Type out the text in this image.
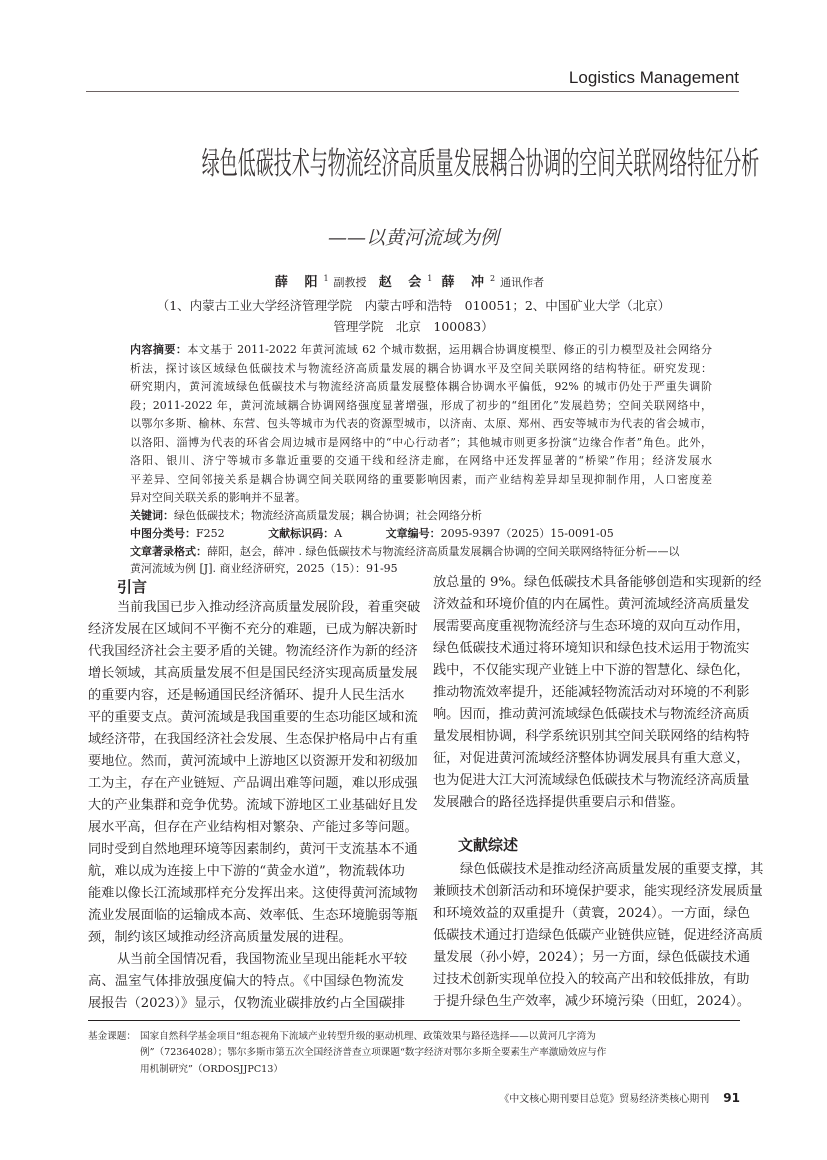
Logistics Management
绿色低碳技术与物流经济高质量发展耦合协调的空间关联网络特征分析
——以黄河流域为例
薛 阳$^1$ 副教授 赵 会$^1$ 薛 冲$^2$ 通讯作者
（1、内蒙古工业大学经济管理学院　内蒙古呼和浩特　010051；2、中国矿业大学（北京）
管理学院　北京　100083）
内容摘要：本文基于 2011-2022 年黄河流域 62 个城市数据，运用耦合协调度模型、修正的引力模型及社会网络分
析法，探讨该区域绿色低碳技术与物流经济高质量发展的耦合协调水平及空间关联网络的结构特征。研究发现：
研究期内，黄河流域绿色低碳技术与物流经济高质量发展整体耦合协调水平偏低，92% 的城市仍处于严重失调阶
段；2011-2022 年，黄河流域耦合协调网络强度显著增强，形成了初步的“组团化”发展趋势；空间关联网络中，
以鄂尔多斯、榆林、东营、包头等城市为代表的资源型城市，以济南、太原、郑州、西安等城市为代表的省会城市，
以洛阳、淄博为代表的环省会周边城市是网络中的“中心行动者”；其他城市则更多扮演“边缘合作者”角色。此外，
洛阳、银川、济宁等城市多靠近重要的交通干线和经济走廊，在网络中还发挥显著的“桥梁”作用；经济发展水
平差异、空间邻接关系是耦合协调空间关联网络的重要影响因素，而产业结构差异却呈现抑制作用，人口密度差
异对空间关联关系的影响并不显著。
关键词：绿色低碳技术；物流经济高质量发展；耦合协调；社会网络分析
中图分类号：F252	文献标识码：A	文章编号：2095-9397（2025）15-0091-05
文章著录格式：薛阳，赵会，薛冲 . 绿色低碳技术与物流经济高质量发展耦合协调的空间关联网络特征分析——以
黄河流域为例 [J]. 商业经济研究，2025（15）：91-95
引言
当前我国已步入推动经济高质量发展阶段，着重突破
经济发展在区域间不平衡不充分的难题，已成为解决新时
代我国经济社会主要矛盾的关键。物流经济作为新的经济
增长领域，其高质量发展不但是国民经济实现高质量发展
的重要内容，还是畅通国民经济循环、提升人民生活水
平的重要支点。黄河流域是我国重要的生态功能区域和流
域经济带，在我国经济社会发展、生态保护格局中占有重
要地位。然而，黄河流域中上游地区以资源开发和初级加
工为主，存在产业链短、产品调出难等问题，难以形成强
大的产业集群和竞争优势。流域下游地区工业基础好且发
展水平高，但存在产业结构相对繁杂、产能过多等问题。
同时受到自然地理环境等因素制约，黄河干支流基本不通
航，难以成为连接上中下游的“黄金水道”，物流载体功
能难以像长江流域那样充分发挥出来。这使得黄河流域物
流业发展面临的运输成本高、效率低、生态环境脆弱等瓶
颈，制约该区域推动经济高质量发展的进程。
从当前全国情况看，我国物流业呈现出能耗水平较
高、温室气体排放强度偏大的特点。《中国绿色物流发
展报告（2023）》显示，仅物流业碳排放约占全国碳排
放总量的 9%。绿色低碳技术具备能够创造和实现新的经
济效益和环境价值的内在属性。黄河流域经济高质量发
展需要高度重视物流经济与生态环境的双向互动作用，
绿色低碳技术通过将环境知识和绿色技术运用于物流实
践中，不仅能实现产业链上中下游的智慧化、绿色化，
推动物流效率提升，还能减轻物流活动对环境的不利影
响。因而，推动黄河流域绿色低碳技术与物流经济高质
量发展相协调，科学系统识别其空间关联网络的结构特
征，对促进黄河流域经济整体协调发展具有重大意义，
也为促进大江大河流域绿色低碳技术与物流经济高质量
发展融合的路径选择提供重要启示和借鉴。
文献综述
绿色低碳技术是推动经济高质量发展的重要支撑，其
兼顾技术创新活动和环境保护要求，能实现经济发展质量
和环境效益的双重提升（黄寰，2024）。一方面，绿色
低碳技术通过打造绿色低碳产业链供应链，促进经济高质
量发展（孙小婷，2024）；另一方面，绿色低碳技术通
过技术创新实现单位投入的较高产出和较低排放，有助
于提升绿色生产效率，减少环境污染（田虹，2024）。
基金课题： 国家自然科学基金项目“组态视角下流域产业转型升级的驱动机理、政策效果与路径选择——以黄河几字湾为
例”（72364028）；鄂尔多斯市第五次全国经济普查立项课题“数字经济对鄂尔多斯全要素生产率激励效应与作
用机制研究”（ORDOSJJPC13）
《中文核心期刊要目总览》贸易经济类核心期刊 91
